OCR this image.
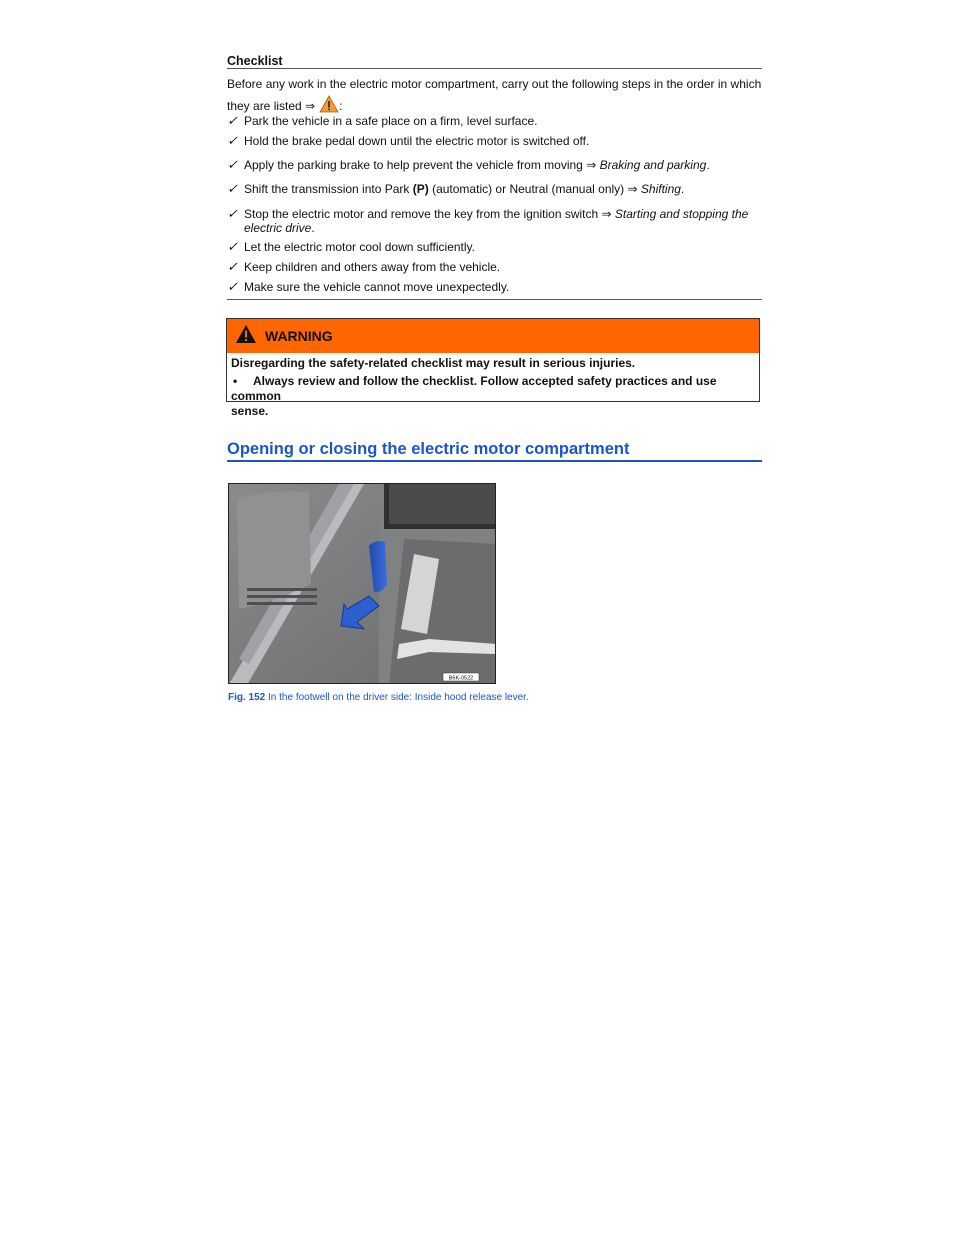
Checklist
Before any work in the electric motor compartment, carry out the following steps in the order in which
they are listed ⇒ :
✓ Park the vehicle in a safe place on a firm, level surface.
✓ Hold the brake pedal down until the electric motor is switched off.
✓ Apply the parking brake to help prevent the vehicle from moving ⇒ Braking and parking.
✓ Shift the transmission into Park (P) (automatic) or Neutral (manual only) ⇒ Shifting.
✓ Stop the electric motor and remove the key from the ignition switch ⇒ Starting and stopping the
electric drive.
✓ Let the electric motor cool down sufficiently.
✓ Keep children and others away from the vehicle.
✓ Make sure the vehicle cannot move unexpectedly.
WARNING
Disregarding the safety-related checklist may result in serious injuries.
• Always review and follow the checklist. Follow accepted safety practices and use common
sense.
Opening or closing the electric motor compartment
B6K-0522
Fig. 152 In the footwell on the driver side: Inside hood release lever.
